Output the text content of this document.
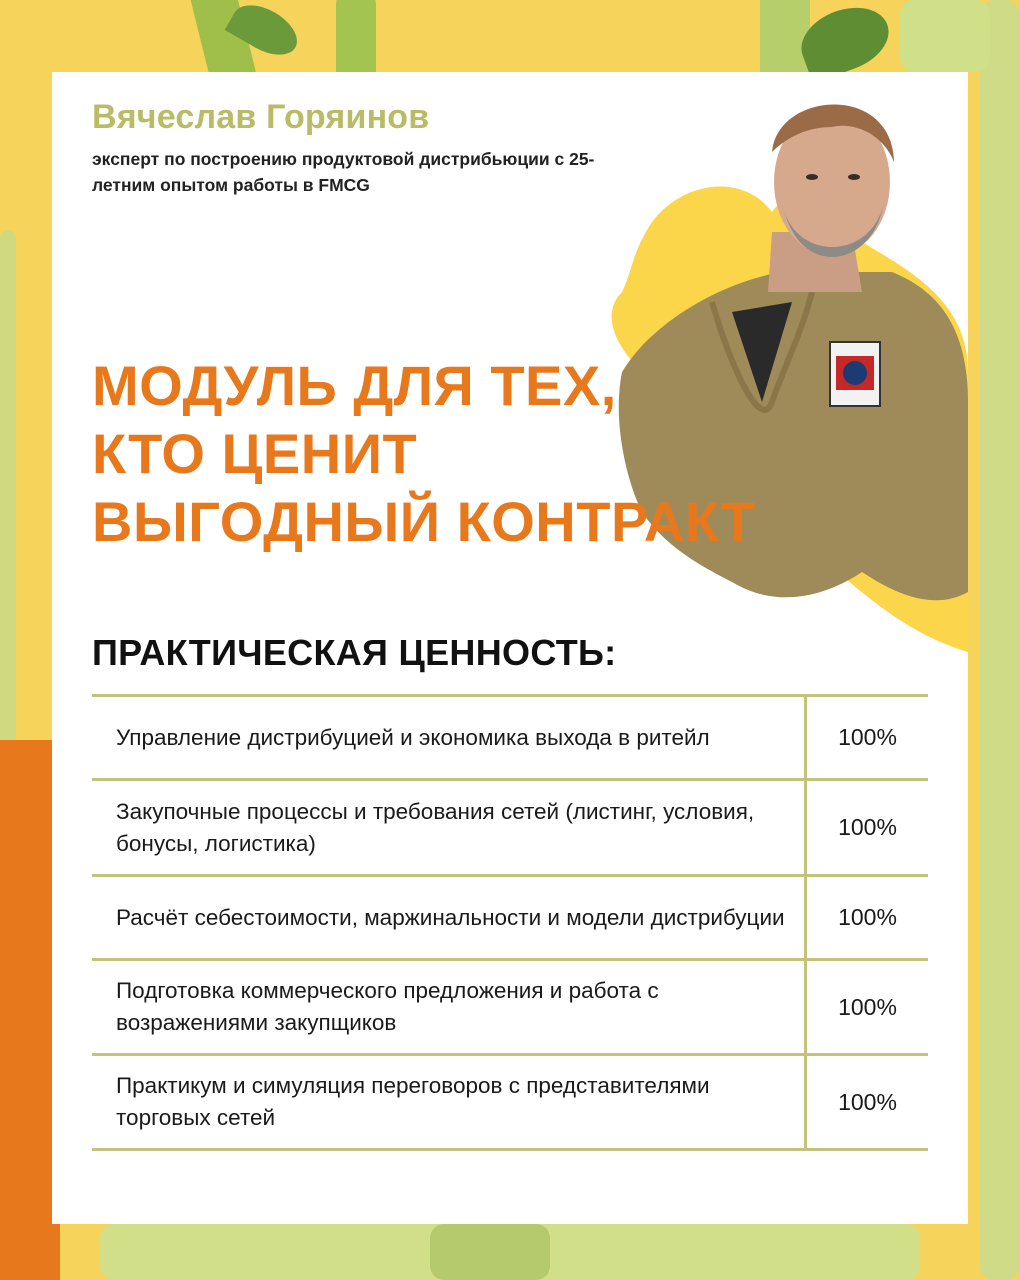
Вячеслав Горяинов

эксперт по построению продуктовой дистрибьюции с 25-летним опытом работы в FMCG

МОДУЛЬ ДЛЯ ТЕХ,
КТО ЦЕНИТ
ВЫГОДНЫЙ КОНТРАКТ
ПРАКТИЧЕСКАЯ ЦЕННОСТЬ:
Управление дистрибуцией и экономика выхода в ритейл	100%
Закупочные процессы и требования сетей (листинг, условия, бонусы, логистика)	100%
Расчёт себестоимости, маржинальности и модели дистрибуции	100%
Подготовка коммерческого предложения и работа с возражениями закупщиков	100%
Практикум и симуляция переговоров с представителями торговых сетей	100%
